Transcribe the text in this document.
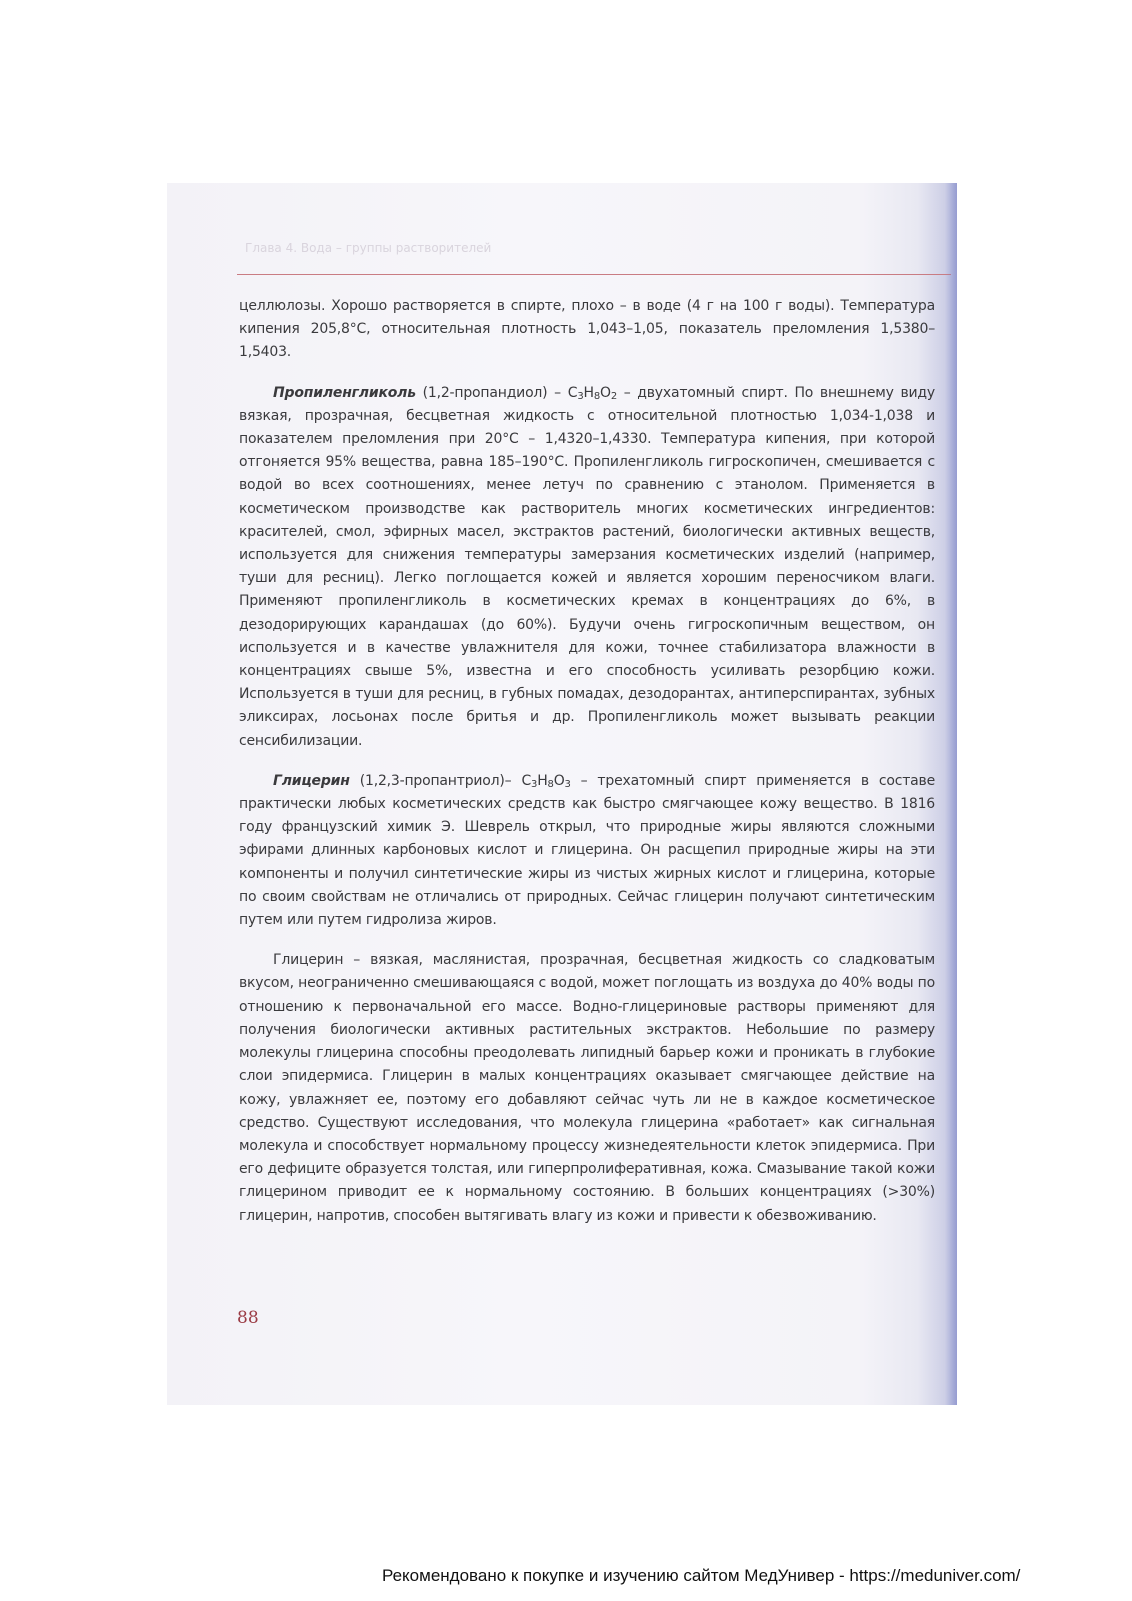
Глава 4. Вода – группы растворителей

целлюлозы. Хорошо растворяется в спирте, плохо – в воде (4 г на 100 г воды). Температура кипения 205,8°С, относительная плотность 1,043–1,05, показатель преломления 1,5380–1,5403.

Пропиленгликоль (1,2-пропандиол) – $C_3H_8O_2$ – двухатомный спирт. По внешнему виду вязкая, прозрачная, бесцветная жидкость с относительной плотностью 1,034-1,038 и показателем преломления при 20°С – 1,4320–1,4330. Температура кипения, при которой отгоняется 95% вещества, равна 185–190°С. Пропиленгликоль гигроскопичен, смешивается с водой во всех соотношениях, менее летуч по сравнению с этанолом. Применяется в косметическом производстве как растворитель многих косметических ингредиентов: красителей, смол, эфирных масел, экстрактов растений, биологически активных веществ, используется для снижения температуры замерзания косметических изделий (например, туши для ресниц). Легко поглощается кожей и является хорошим переносчиком влаги. Применяют пропиленгликоль в косметических кремах в концентрациях до 6%, в дезодорирующих карандашах (до 60%). Будучи очень гигроскопичным веществом, он используется и в качестве увлажнителя для кожи, точнее стабилизатора влажности в концентрациях свыше 5%, известна и его способность усиливать резорбцию кожи. Используется в туши для ресниц, в губных помадах, дезодорантах, антиперспирантах, зубных эликсирах, лосьонах после бритья и др. Пропиленгликоль может вызывать реакции сенсибилизации.

Глицерин (1,2,3-пропантриол)– $C_3H_8O_3$ – трехатомный спирт применяется в составе практически любых косметических средств как быстро смягчающее кожу вещество. В 1816 году французский химик Э. Шеврель открыл, что природные жиры являются сложными эфирами длинных карбоновых кислот и глицерина. Он расщепил природные жиры на эти компоненты и получил синтетические жиры из чистых жирных кислот и глицерина, которые по своим свойствам не отличались от природных. Сейчас глицерин получают синтетическим путем или путем гидролиза жиров.

Глицерин – вязкая, маслянистая, прозрачная, бесцветная жидкость со сладковатым вкусом, неограниченно смешивающаяся с водой, может поглощать из воздуха до 40% воды по отношению к первоначальной его массе. Водно-глицериновые растворы применяют для получения биологически активных растительных экстрактов. Небольшие по размеру молекулы глицерина способны преодолевать липидный барьер кожи и проникать в глубокие слои эпидермиса. Глицерин в малых концентрациях оказывает смягчающее действие на кожу, увлажняет ее, поэтому его добавляют сейчас чуть ли не в каждое косметическое средство. Существуют исследования, что молекула глицерина «работает» как сигнальная молекула и способствует нормальному процессу жизнедеятельности клеток эпидермиса. При его дефиците образуется толстая, или гиперпролиферативная, кожа. Смазывание такой кожи глицерином приводит ее к нормальному состоянию. В больших концентрациях (>30%) глицерин, напротив, способен вытягивать влагу из кожи и привести к обезвоживанию.

88
Рекомендовано к покупке и изучению сайтом МедУнивер - https://meduniver.com/
